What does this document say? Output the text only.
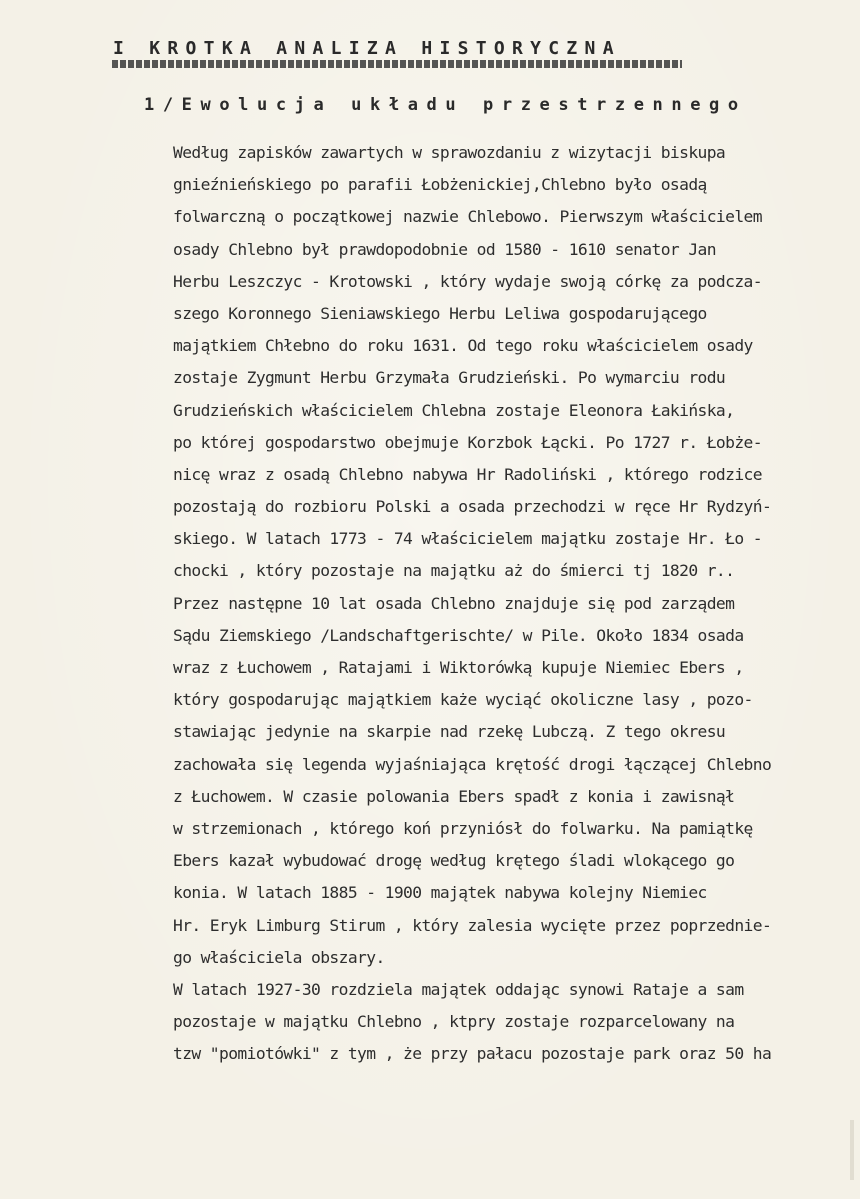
I KROTKA ANALIZA HISTORYCZNA
1/Ewolucja układu przestrzennego
Według zapisków zawartych w sprawozdaniu z wizytacji biskupa
gnieźnieńskiego po parafii Łobżenickiej,Chlebno było osadą
folwarczną o początkowej nazwie Chlebowo. Pierwszym właścicielem
osady Chlebno był prawdopodobnie od 1580 - 1610 senator Jan
Herbu Leszczyc - Krotowski , który wydaje swoją córkę za podcza-
szego Koronnego Sieniawskiego Herbu Leliwa gospodarującego
majątkiem Chłebno do roku 1631. Od tego roku właścicielem osady
zostaje Zygmunt Herbu Grzymała Grudzieński. Po wymarciu rodu
Grudzieńskich właścicielem Chlebna zostaje Eleonora Łakińska,
po której gospodarstwo obejmuje Korzbok Łącki. Po 1727 r. Łobże-
nicę wraz z osadą Chlebno nabywa Hr Radoliński , którego rodzice
pozostają do rozbioru Polski a osada przechodzi w ręce Hr Rydzyń-
skiego. W latach 1773 - 74 właścicielem majątku zostaje Hr. Ło -
chocki , który pozostaje na majątku aż do śmierci tj 1820 r..
Przez następne 10 lat osada Chlebno znajduje się pod zarządem
Sądu Ziemskiego /Landschaftgerischte/ w Pile. Około 1834 osada
wraz z Łuchowem , Ratajami i Wiktorówką kupuje Niemiec Ebers ,
który gospodarując majątkiem każe wyciąć okoliczne lasy , pozo-
stawiając jedynie na skarpie nad rzekę Lubczą. Z tego okresu
zachowała się legenda wyjaśniająca krętość drogi łączącej Chlebno
z Łuchowem. W czasie polowania Ebers spadł z konia i zawisnął
w strzemionach , którego koń przyniósł do folwarku. Na pamiątkę
Ebers kazał wybudować drogę według krętego śladi wlokącego go
konia. W latach 1885 - 1900 majątek nabywa kolejny Niemiec
Hr. Eryk Limburg Stirum , który zalesia wycięte przez poprzednie-
go właściciela obszary.
W latach 1927-30 rozdziela majątek oddając synowi Rataje a sam
pozostaje w majątku Chlebno , ktpry zostaje rozparcelowany na
tzw "pomiotówki" z tym , że przy pałacu pozostaje park oraz 50 ha
